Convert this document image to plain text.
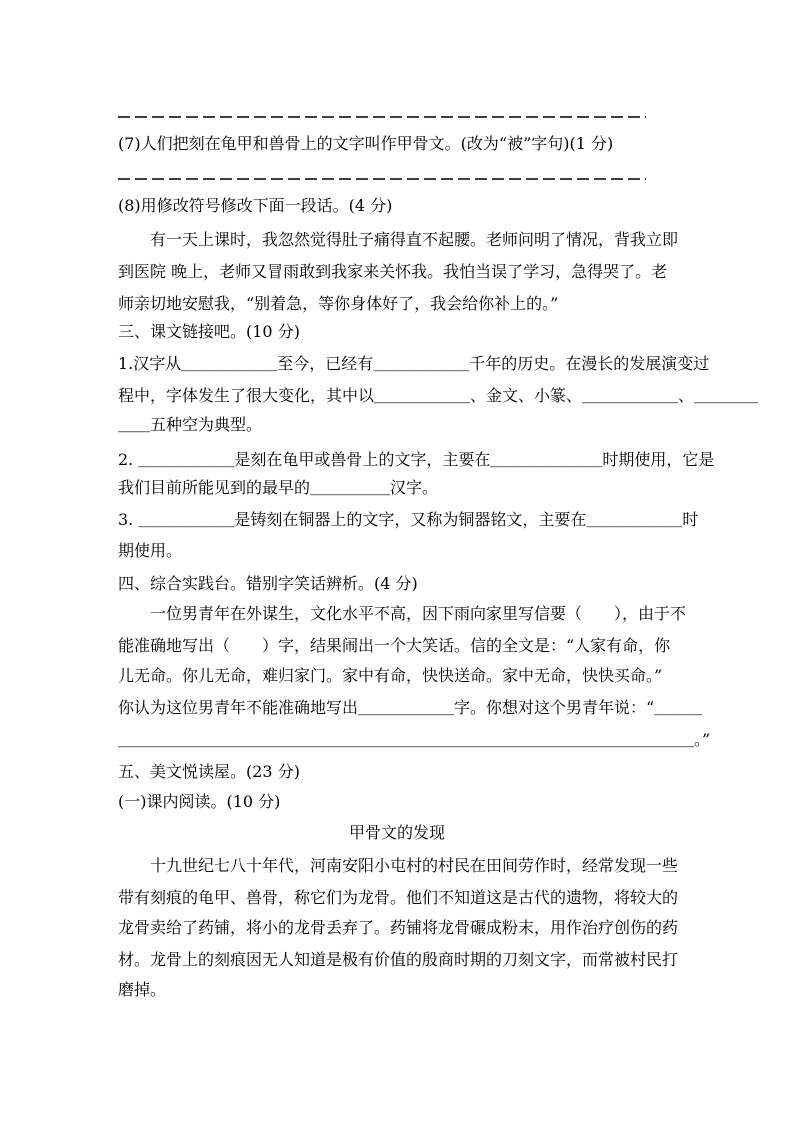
(7)人们把刻在龟甲和兽骨上的文字叫作甲骨文。(改为“被”字句)(1 分)
(8)用修改符号修改下面一段话。(4 分)
有一天上课时，我忽然觉得肚子痛得直不起腰。老师问明了情况，背我立即
到医院 晚上，老师又冒雨敢到我家来关怀我。我怕当误了学习，急得哭了。老
师亲切地安慰我，“别着急，等你身体好了，我会给你补上的。”
三、课文链接吧。(10 分)
1.汉字从＿＿＿＿＿＿至今，已经有＿＿＿＿＿＿千年的历史。在漫长的发展演变过
程中，字体发生了很大变化，其中以＿＿＿＿＿＿、金文、小篆、＿＿＿＿＿＿、＿＿＿＿
＿＿五种空为典型。
2. ＿＿＿＿＿＿是刻在龟甲或兽骨上的文字，主要在＿＿＿＿＿＿＿时期使用，它是
我们目前所能见到的最早的＿＿＿＿＿汉字。
3. ＿＿＿＿＿＿是铸刻在铜器上的文字，又称为铜器铭文，主要在＿＿＿＿＿＿时
期使用。
四、综合实践台。错别字笑话辨析。(4 分)
一位男青年在外谋生，文化水平不高，因下雨向家里写信要（　　），由于不
能准确地写出（　　）字，结果闹出一个大笑话。信的全文是：“人家有命，你
儿无命。你儿无命，难归家门。家中有命，快快送命。家中无命，快快买命。”
你认为这位男青年不能准确地写出＿＿＿＿＿＿字。你想对这个男青年说：“＿＿＿
＿＿＿＿＿＿＿＿＿＿＿＿＿＿＿＿＿＿＿＿＿＿＿＿＿＿＿＿＿＿＿＿＿＿＿＿。”
五、美文悦读屋。(23 分)
(一)课内阅读。(10 分)
甲骨文的发现
十九世纪七八十年代，河南安阳小屯村的村民在田间劳作时，经常发现一些
带有刻痕的龟甲、兽骨，称它们为龙骨。他们不知道这是古代的遗物，将较大的
龙骨卖给了药铺，将小的龙骨丢弃了。药铺将龙骨碾成粉末，用作治疗创伤的药
材。龙骨上的刻痕因无人知道是极有价值的殷商时期的刀刻文字，而常被村民打
磨掉。
